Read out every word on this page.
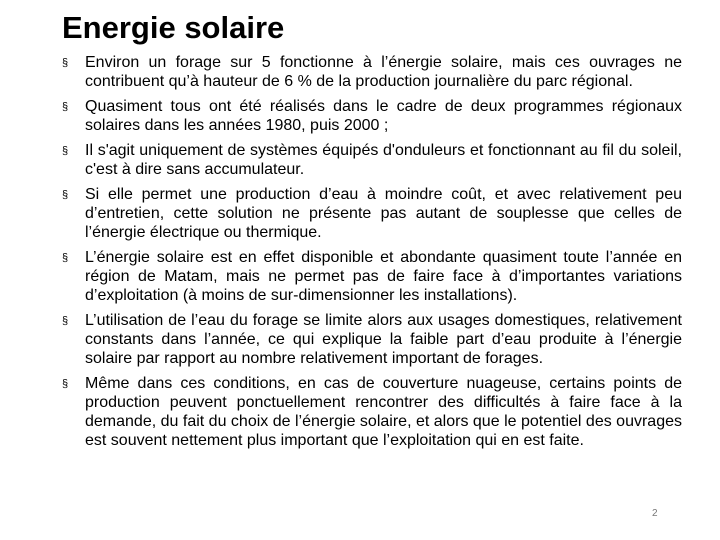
Energie solaire
§ Environ un forage sur 5 fonctionne à l’énergie solaire, mais ces ouvrages ne contribuent qu’à hauteur de 6 % de la production journalière du parc régional.
§ Quasiment tous ont été réalisés dans le cadre de deux programmes régionaux solaires dans les années 1980, puis 2000 ;
§ Il s'agit uniquement de systèmes équipés d'onduleurs et fonctionnant au fil du soleil, c'est à dire sans accumulateur.
§ Si elle permet une production d’eau à moindre coût, et avec relativement peu d’entretien, cette solution ne présente pas autant de souplesse que celles de l’énergie électrique ou thermique.
§ L’énergie solaire est en effet disponible et abondante quasiment toute l’année en région de Matam, mais ne permet pas de faire face à d’importantes variations d’exploitation (à moins de sur-dimensionner les installations).
§ L’utilisation de l’eau du forage se limite alors aux usages domestiques, relativement constants dans l’année, ce qui explique la faible part d’eau produite à l’énergie solaire par rapport au nombre relativement important de forages.
§ Même dans ces conditions, en cas de couverture nuageuse, certains points de production peuvent ponctuellement rencontrer des difficultés à faire face à la demande, du fait du choix de l’énergie solaire, et alors que le potentiel des ouvrages est souvent nettement plus important que l’exploitation qui en est faite.
2
